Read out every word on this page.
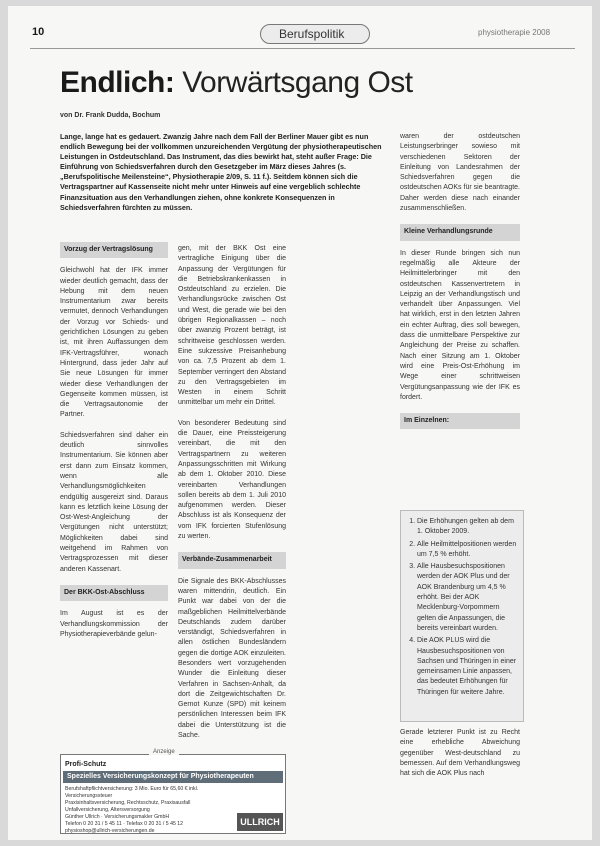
10	Berufspolitik	physiotherapie 2008
Endlich: Vorwärtsgang Ost
von Dr. Frank Dudda, Bochum
Lange, lange hat es gedauert. Zwanzig Jahre nach dem Fall der Berliner Mauer gibt es nun endlich Bewegung bei der vollkommen unzureichenden Vergütung der physiotherapeutischen Leistungen in Ostdeutschland. Das Instrument, das dies bewirkt hat, steht außer Frage: Die Einführung von Schiedsverfahren durch den Gesetzgeber im März dieses Jahres (s. „Berufspolitische Meilensteine“, Physiotherapie 2/09, S. 11 f.). Seitdem können sich die Vertragspartner auf Kassenseite nicht mehr unter Hinweis auf eine vergeblich schlechte Finanzsituation aus den Verhandlungen ziehen, ohne konkrete Konsequenzen in Schiedsverfahren fürchten zu müssen.
Vorzug der Vertragslösung

Gleichwohl hat der IFK immer wieder deutlich gemacht, dass der Hebung mit dem neuen Instrumentarium zwar bereits vermutet, dennoch Verhandlungen der Vorzug vor Schieds- und gerichtlichen Lösungen zu geben ist, mit ihren Auffassungen dem IFK-Vertragsführer, wonach Hintergrund, dass jeder Jahr auf Sie neue Lösungen für immer wieder diese Verhandlungen der Gegenseite kommen müssen, ist die Vertragsautonomie der Partner.

Schiedsverfahren sind daher ein deutlich sinnvolles Instrumentarium. Sie können aber erst dann zum Einsatz kommen, wenn alle Verhandlungsmöglichkeiten endgültig ausgereizt sind. Daraus kann es letztlich keine Lösung der Ost-West-Angleichung der Vergütungen nicht unterstützt; Möglichkeiten dabei sind weitgehend im Rahmen von Vertragsprozessen mit dieser anderen Kassenart.

Der BKK-Ost-Abschluss

Im August ist es der Verhandlungskommission der Physiotherapieverbände gelun-

gen, mit der BKK Ost eine vertragliche Einigung über die Anpassung der Vergütungen für die Betriebskrankenkassen in Ostdeutschland zu erzielen. Die Verhandlungsrücke zwischen Ost und West, die gerade wie bei den übrigen Regionalkassen – noch über zwanzig Prozent beträgt, ist schrittweise geschlossen werden. Eine sukzessive Preisanhebung von ca. 7,5 Prozent ab dem 1. September verringert den Abstand zu den Vertragsgebieten im Westen in einem Schritt unmittelbar um mehr ein Drittel.

Von besonderer Bedeutung sind die Dauer, eine Preissteigerung vereinbart, die mit den Vertragspartnern zu weiteren Anpassungsschritten mit Wirkung ab dem 1. Oktober 2010. Diese vereinbarten Verhandlungen sollen bereits ab dem 1. Juli 2010 aufgenommen werden. Dieser Abschluss ist als Konsequenz der vom IFK forcierten Stufenlösung zu werten.

Verbände-Zusammenarbeit

Die Signale des BKK-Abschlusses waren mittendrin, deutlich. Ein Punkt war dabei von der die maßgeblichen Heilmittelverbände Deutschlands zudem darüber verständigt, Schiedsverfahren in allen östlichen Bundesländern gegen die dortige AOK einzuleiten. Besonders wert vorzugehenden Wunder die Einleitung dieser Verfahren in Sachsen-Anhalt, da dort die Zeitgewichtschaften Dr. Gernot Kunze (SPD) mit keinem persönlichen Interessen beim IFK dabei die Unterstützung ist die Sache.

waren der ostdeutschen Leistungserbringer sowieso mit verschiedenen Sektoren der Einleitung von Landesrahmen der Schiedsverfahren gegen die ostdeutschen AOKs für sie beantragte. Daher werden diese nach einander zusammenschließen.

Kleine Verhandlungsrunde

In dieser Runde bringen sich nun regelmäßig alle Akteure der Heilmittelerbringer mit den ostdeutschen Kassenvertretern in Leipzig an der Verhandlungstisch und verhandelt über Anpassungen. Viel hat wirklich, erst in den letzten Jahren ein echter Auftrag, dies soll bewegen, dass die unmittelbare Perspektive zur Angleichung der Preise zu schaffen. Nach einer Sitzung am 1. Oktober wird eine Preis-Ost-Erhöhung im Wege einer schrittweisen Vergütungsanpassung wie der IFK es fordert.

Im Einzelnen:
1. Die Erhöhungen gelten ab dem 1. Oktober 2009.
2. Alle Heilmittelpositionen werden um 7,5 % erhöht.
3. Alle Hausbesuchspositionen werden der AOK Plus und der AOK Brandenburg um 4,5 % erhöht. Bei der AOK Mecklenburg-Vorpommern gelten die Anpassungen, die bereits vereinbart wurden.
4. Die AOK PLUS wird die Hausbesuchspositionen von Sachsen und Thüringen in einer gemeinsamen Linie anpassen, das bedeutet Erhöhungen für Thüringen für weitere Jahre.

Gerade letzterer Punkt ist zu Recht eine erhebliche Abweichung gegenüber West-deutschland zu bemessen. Auf dem Verhandlungsweg hat sich die AOK Plus nach

Anzeige
Profi-Schutz
Spezielles Versicherungskonzept für Physiotherapeuten
Berufshaftpflichtversicherung: 3 Mio. Euro für 65,60 € inkl. Versicherungssteuer
Praxisinhaltsversicherung, Rechtsschutz, Praxisausfall
Unfallversicherung, Altersversorgung
Günther Ullrich · Versicherungsmakler GmbH
Telefon 0 20 31 / 5 45 11 · Telefax 0 20 31 / 5 45 12
physioshop@ullrich-versicherungen.de
ULLRICH
